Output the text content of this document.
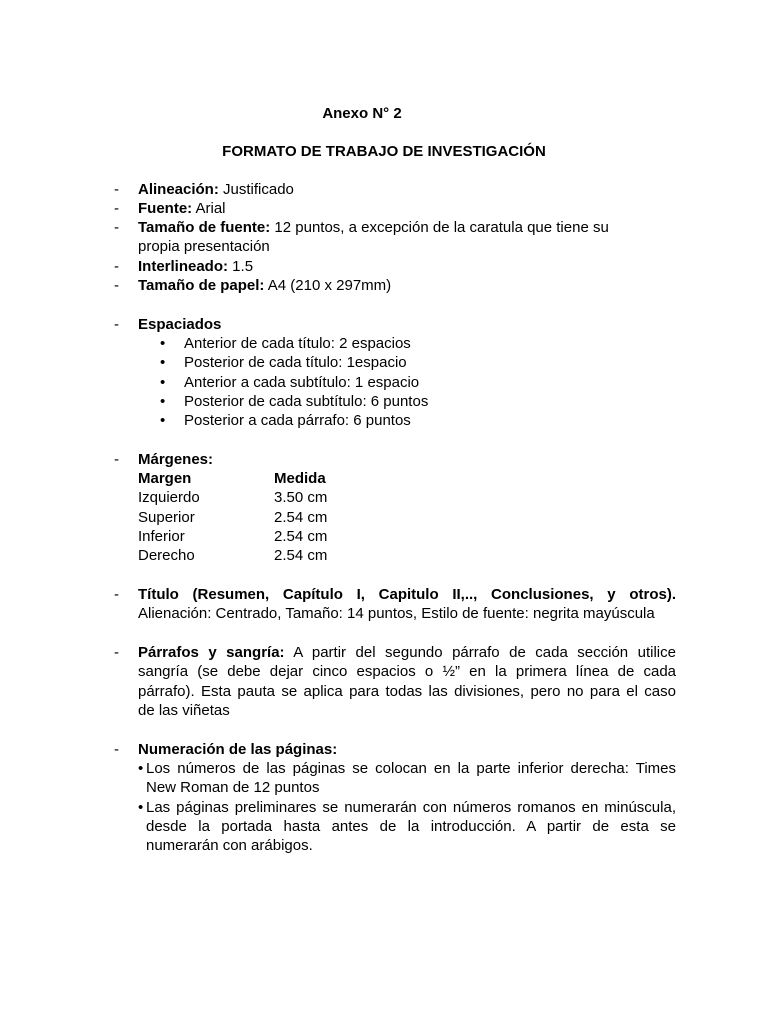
Anexo N° 2
FORMATO DE TRABAJO DE INVESTIGACIÓN
- Alineación: Justificado
- Fuente: Arial
- Tamaño de fuente: 12 puntos, a excepción de la caratula que tiene su
propia presentación
- Interlineado: 1.5
- Tamaño de papel: A4 (210 x 297mm)
- Espaciados
• Anterior de cada título: 2 espacios
• Posterior de cada título: 1espacio
• Anterior a cada subtítulo: 1 espacio
• Posterior de cada subtítulo: 6 puntos
• Posterior a cada párrafo: 6 puntos
- Márgenes:
Margen	Medida
Izquierdo	3.50 cm
Superior	2.54 cm
Inferior	2.54 cm
Derecho	2.54 cm
- Título (Resumen, Capítulo I, Capitulo II,.., Conclusiones, y otros).
Alienación: Centrado, Tamaño: 14 puntos, Estilo de fuente: negrita mayúscula
- Párrafos y sangría: A partir del segundo párrafo de cada sección utilice
sangría (se debe dejar cinco espacios o ½” en la primera línea de cada
párrafo). Esta pauta se aplica para todas las divisiones, pero no para el caso
de las viñetas
- Numeración de las páginas:
• Los números de las páginas se colocan en la parte inferior derecha: Times
New Roman de 12 puntos
• Las páginas preliminares se numerarán con números romanos en minúscula,
desde la portada hasta antes de la introducción. A partir de esta se
numerarán con arábigos.
